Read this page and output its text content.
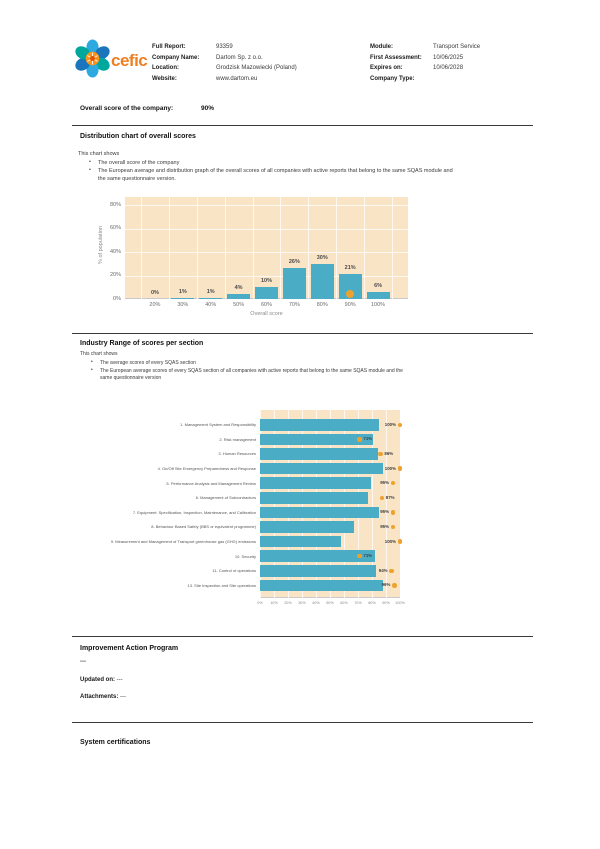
cefic
Full Report:	93359
Company Name:	Dartom Sp. z o.o.
Location:	Grodzisk Mazowiecki (Poland)
Website:	www.dartom.eu
Module:	Transport Service
First Assessment: 10/06/2025
Expires on:	10/06/2028
Company Type:
Overall score of the company:	90%
Distribution chart of overall scores
This chart shows
• The overall score of the company
• The European average and distribution graph of the overall scores of all companies with active reports that belong to the same SQAS module and the same questionnaire version.
0%
20%
40%
60%
80%
0%
20%
1%
30%
1%
40%
4%
50%
10%
60%
26%
70%
30%
80%
21%
90%
6%
100%
% of population
Overall score
Industry Range of scores per section
This chart shows
• The average scores of every SQAS section
• The European average scores of every SQAS section of all companies with active reports that belong to the same SQAS module and the same questionnaire version
100%
71%
86%
100%
95%
87%
95%
95%
100%
71%
94%
96%
0%	10%	20%	30%	40%	50%	60%	70%	80%	90%	100%
1. Management System and Responsibility
2. Risk management
3. Human Resources
4. On/Off Site Emergency Preparedness and Response
5. Performance Analysis and Management Review
6. Management of Subcontractors
7. Equipment: Specification, Inspection, Maintenance, and Calibration
8. Behaviour Based Safety (BBS or equivalent programme)
9. Measurement and Management of Transport greenhouse gas (GHG) emissions
10. Security
11. Control of operations
13. Site Inspection and Site operations
Improvement Action Program
---
Updated on: ---
Attachments: ---
System certifications
